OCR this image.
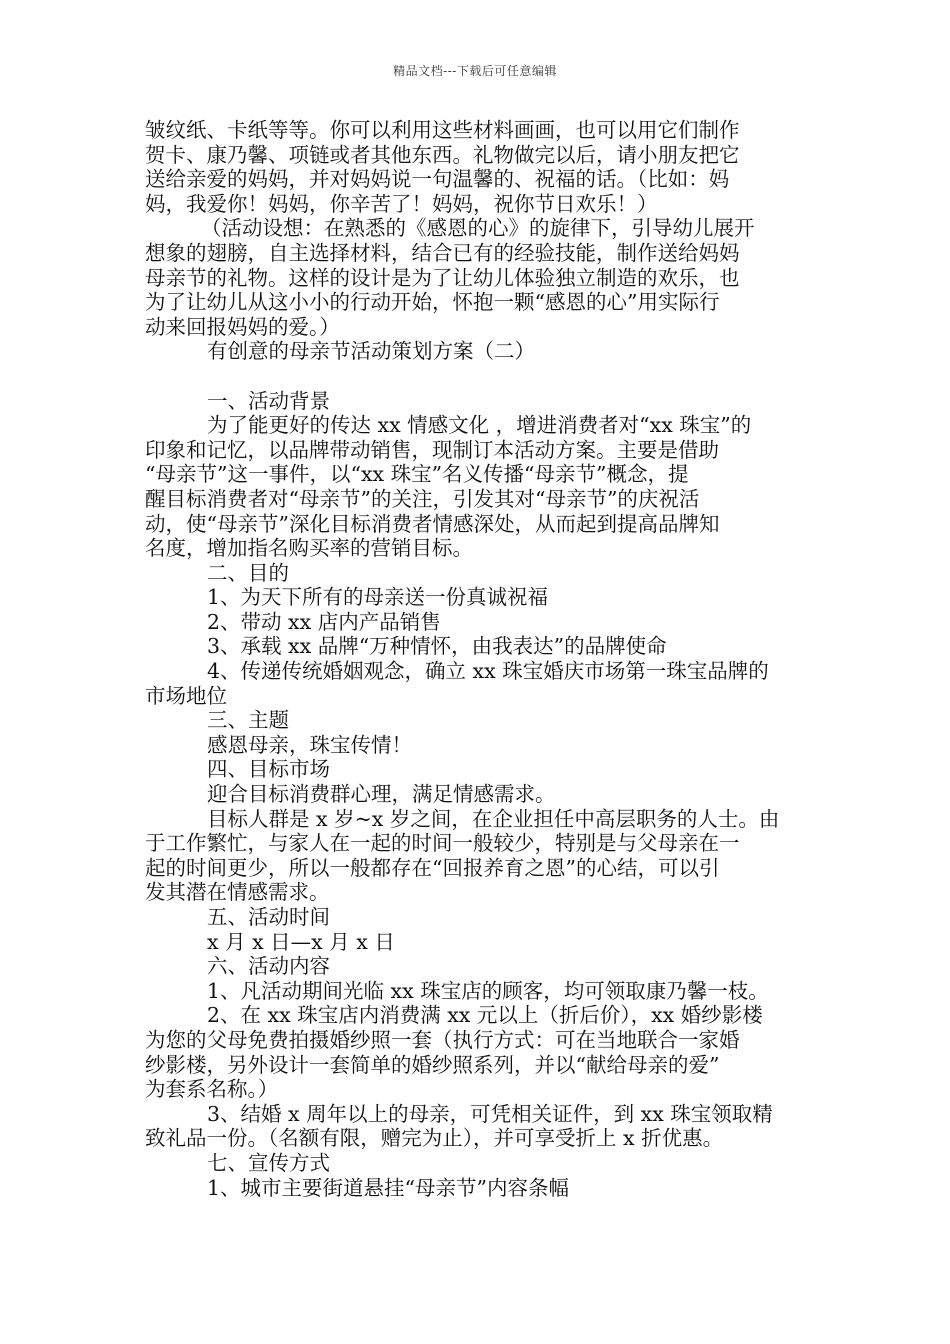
精品文档---下载后可任意编辑
皱纹纸、卡纸等等。你可以利用这些材料画画，也可以用它们制作
贺卡、康乃馨、项链或者其他东西。礼物做完以后，请小朋友把它
送给亲爱的妈妈，并对妈妈说一句温馨的、祝福的话。（比如：妈
妈，我爱你！妈妈，你辛苦了！妈妈，祝你节日欢乐！）
（活动设想：在熟悉的《感恩的心》的旋律下，引导幼儿展开
想象的翅膀，自主选择材料，结合已有的经验技能，制作送给妈妈
母亲节的礼物。这样的设计是为了让幼儿体验独立制造的欢乐，也
为了让幼儿从这小小的行动开始，怀抱一颗“感恩的心”用实际行
动来回报妈妈的爱。）
有创意的母亲节活动策划方案（二）
一、活动背景
为了能更好的传达 xx 情感文化 ，增进消费者对“xx 珠宝”的
印象和记忆，以品牌带动销售，现制订本活动方案。主要是借助
“母亲节”这一事件，以“xx 珠宝”名义传播“母亲节”概念，提
醒目标消费者对“母亲节”的关注，引发其对“母亲节”的庆祝活
动，使“母亲节”深化目标消费者情感深处，从而起到提高品牌知
名度，增加指名购买率的营销目标。
二、目的
1、为天下所有的母亲送一份真诚祝福
2、带动 xx 店内产品销售
3、承载 xx 品牌“万种情怀，由我表达”的品牌使命
4、传递传统婚姻观念，确立 xx 珠宝婚庆市场第一珠宝品牌的
市场地位
三、主题
感恩母亲，珠宝传情！
四、目标市场
迎合目标消费群心理，满足情感需求。
目标人群是 x 岁~x 岁之间，在企业担任中高层职务的人士。由
于工作繁忙，与家人在一起的时间一般较少，特别是与父母亲在一
起的时间更少，所以一般都存在“回报养育之恩”的心结，可以引
发其潜在情感需求。
五、活动时间
x 月 x 日—x 月 x 日
六、活动内容
1、凡活动期间光临 xx 珠宝店的顾客，均可领取康乃馨一枝。
2、在 xx 珠宝店内消费满 xx 元以上（折后价），xx 婚纱影楼
为您的父母免费拍摄婚纱照一套（执行方式：可在当地联合一家婚
纱影楼，另外设计一套简单的婚纱照系列，并以“献给母亲的爱”
为套系名称。）
3、结婚 x 周年以上的母亲，可凭相关证件，到 xx 珠宝领取精
致礼品一份。（名额有限，赠完为止），并可享受折上 x 折优惠。
七、宣传方式
1、城市主要街道悬挂“母亲节”内容条幅
